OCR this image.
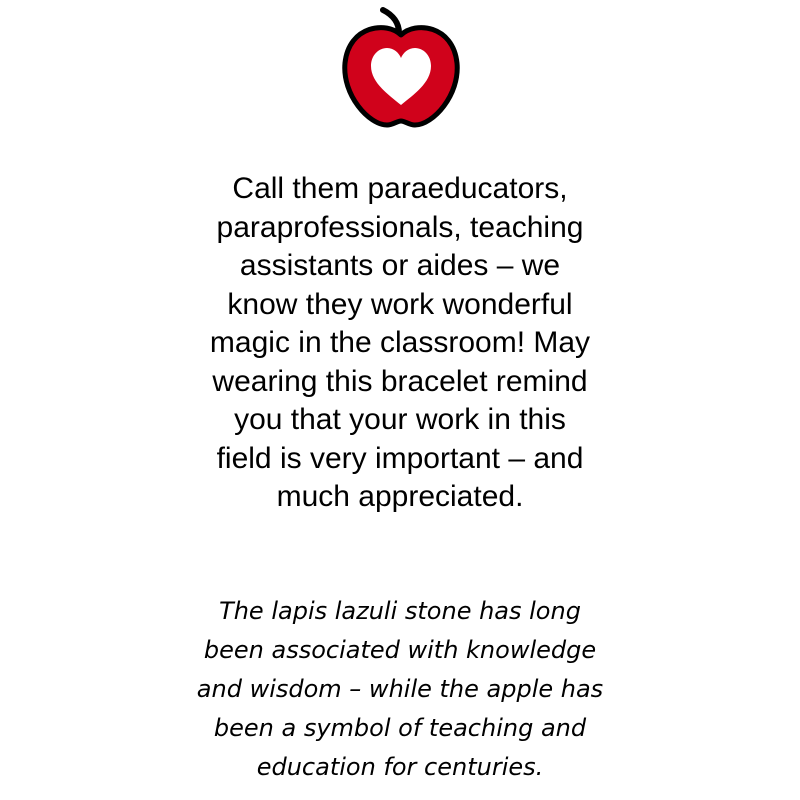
Call them paraeducators,
paraprofessionals, teaching
assistants or aides – we
know they work wonderful
magic in the classroom! May
wearing this bracelet remind
you that your work in this
field is very important – and
much appreciated.
The lapis lazuli stone has long
been associated with knowledge
and wisdom – while the apple has
been a symbol of teaching and
education for centuries.
